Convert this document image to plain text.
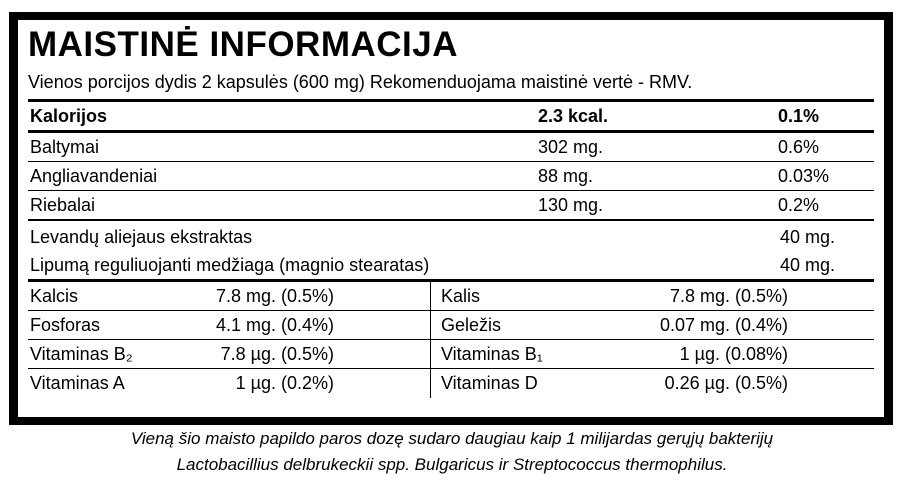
MAISTINĖ INFORMACIJA
Vienos porcijos dydis 2 kapsulės (600 mg) Rekomenduojama maistinė vertė - RMV.
Kalorijos	2.3 kcal.	0.1%
Baltymai	302 mg.	0.6%
Angliavandeniai	88 mg.	0.03%
Riebalai	130 mg.	0.2%
Levandų aliejaus ekstraktas	40 mg.
Lipumą reguliuojanti medžiaga (magnio stearatas)	40 mg.
Kalcis	7.8 mg. (0.5%)	Kalis	7.8 mg. (0.5%)
Fosforas	4.1 mg. (0.4%)	Geležis	0.07 mg. (0.4%)
Vitaminas B₂	7.8 µg. (0.5%)	Vitaminas B₁	1 µg. (0.08%)
Vitaminas A	1 µg. (0.2%)	Vitaminas D	0.26 µg. (0.5%)
Vieną šio maisto papildo paros dozę sudaro daugiau kaip 1 milijardas gerųjų bakterijų
Lactobacillius delbrukeckii spp. Bulgaricus ir Streptococcus thermophilus.
